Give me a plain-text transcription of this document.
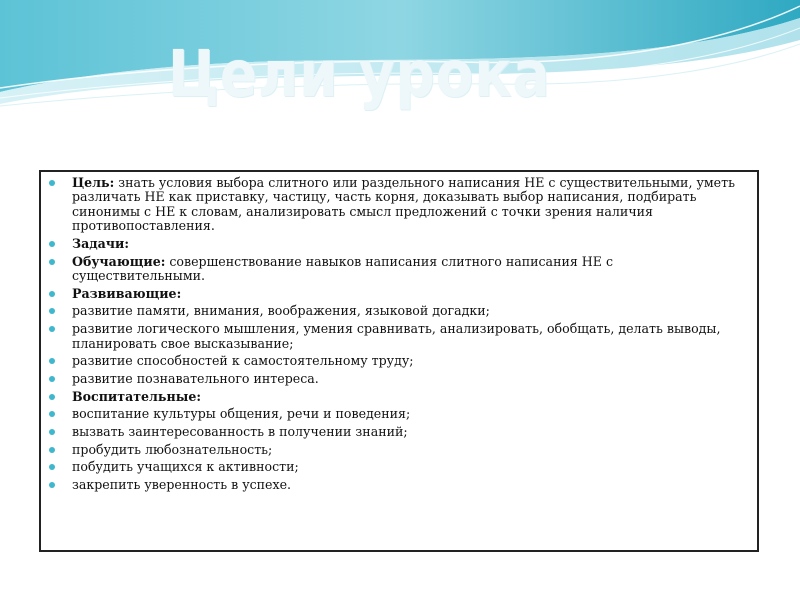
Цели урока
Цель: знать условия выбора слитного или раздельного написания НЕ с существительными, уметь различать НЕ как приставку, частицу, часть корня, доказывать выбор написания, подбирать синонимы с НЕ к словам, анализировать смысл предложений с точки зрения наличия противопоставления.
Задачи:
Обучающие: совершенствование навыков написания слитного написания НЕ с существительными.
Развивающие:
развитие памяти, внимания, воображения, языковой догадки;
развитие логического мышления, умения сравнивать, анализировать, обобщать, делать выводы, планировать свое высказывание;
развитие способностей к самостоятельному труду;
развитие познавательного интереса.
Воспитательные:
воспитание культуры общения, речи и поведения;
вызвать заинтересованность в получении знаний;
пробудить любознательность;
побудить учащихся к активности;
закрепить уверенность в успехе.
